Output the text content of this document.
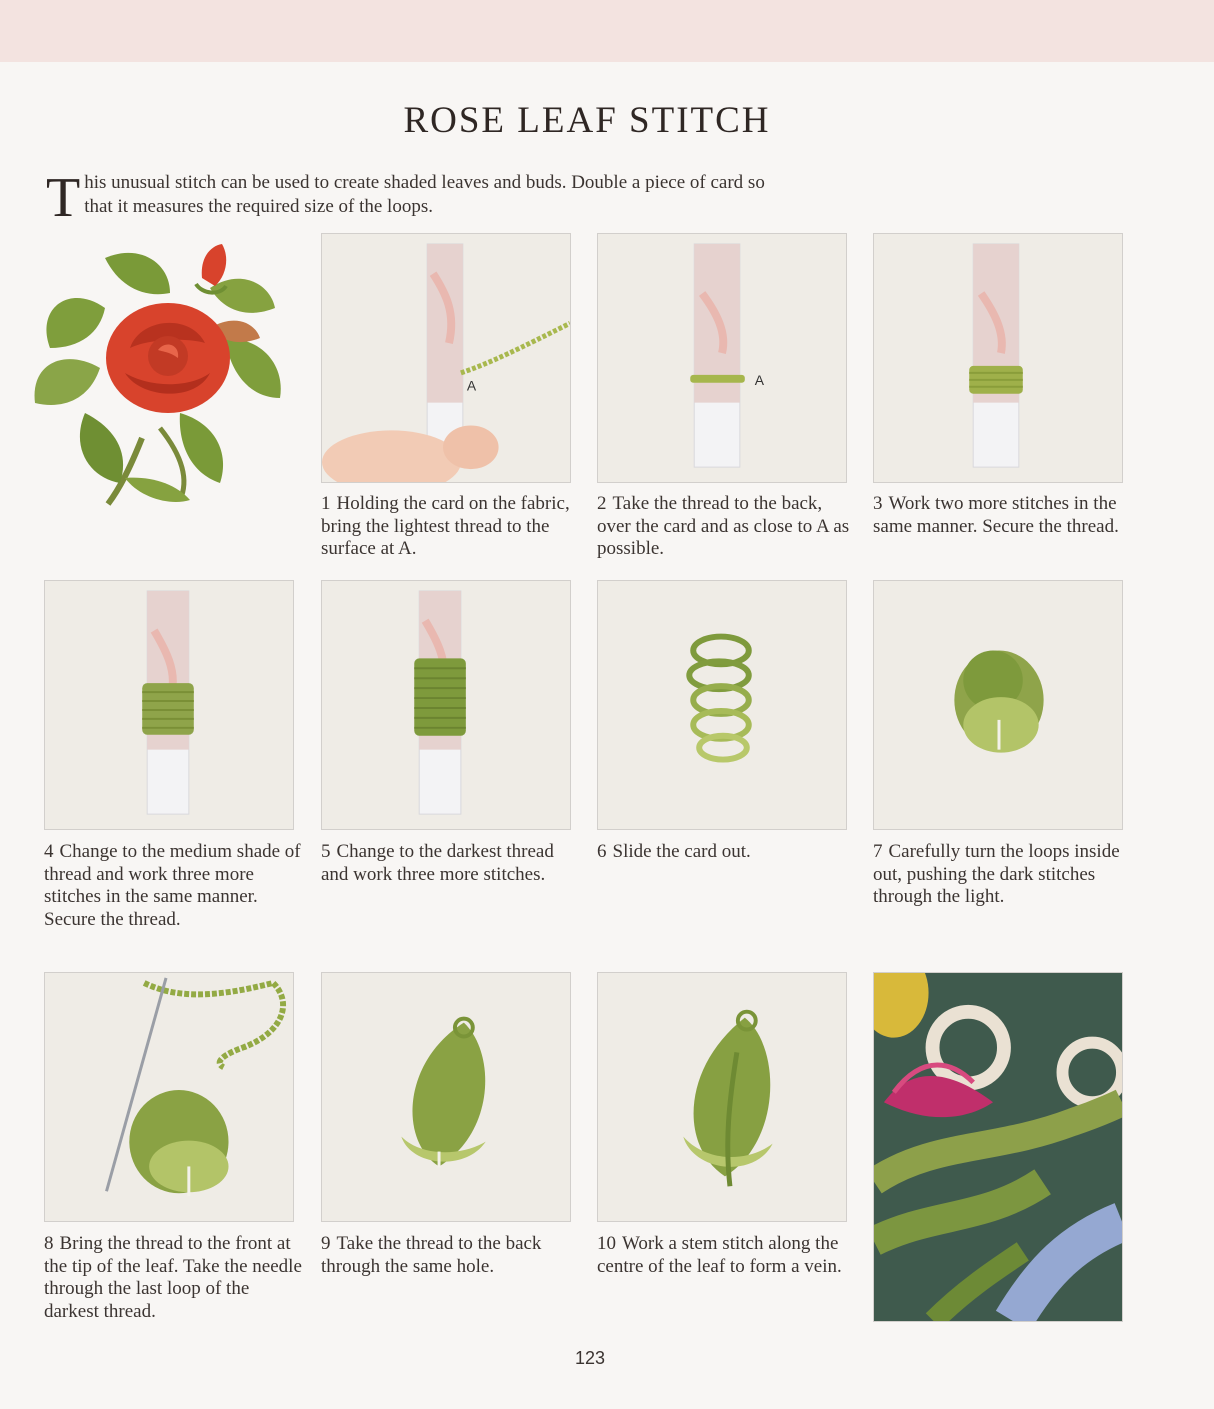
ROSE LEAF STITCH

This unusual stitch can be used to create shaded leaves and buds. Double a piece of card so that it measures the required size of the loops.

A
1 Holding the card on the fabric, bring the lightest thread to the surface at A.
A
2 Take the thread to the back, over the card and as close to A as possible.
3 Work two more stitches in the same manner. Secure the thread.
4 Change to the medium shade of thread and work three more stitches in the same manner. Secure the thread.
5 Change to the darkest thread and work three more stitches.
6 Slide the card out.	7 Carefully turn the loops inside out, pushing the dark stitches through the light.
8 Bring the thread to the front at the tip of the leaf. Take the needle through the last loop of the darkest thread.
9 Take the thread to the back through the same hole.
10 Work a stem stitch along the centre of the leaf to form a vein.
123
